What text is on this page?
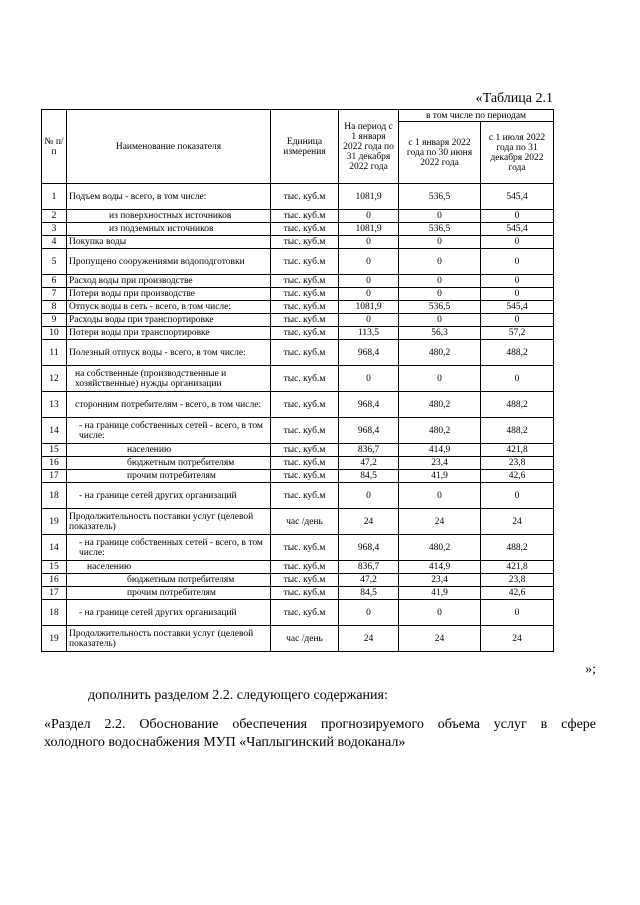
«Таблица 2.1
№ п/п	Наименование показателя	Единица измерения	На период с 1 января 2022 года по 31 декабря 2022 года	в том числе по периодам	
				с 1 января 2022 года по 30 июня 2022 года	с 1 июля 2022 года по 31 декабря 2022 года
1	Подъем воды - всего, в том числе:	тыс. куб.м	1081,9	536,5	545,4
2	из поверхностных источников	тыс. куб.м	0	0	0
3	из подземных источников	тыс. куб.м	1081,9	536,5	545,4
4	Покупка воды	тыс. куб.м	0	0	0
5	Пропущено сооружениями водоподготовки	тыс. куб.м	0	0	0
6	Расход воды при производстве	тыс. куб.м	0	0	0
7	Потери воды при производстве	тыс. куб.м	0	0	0
8	Отпуск воды в сеть - всего, в том числе:	тыс. куб.м	1081,9	536,5	545,4
9	Расходы воды при транспортировке	тыс. куб.м	0	0	0
10	Потери воды при транспортировке	тыс. куб.м	113,5	56,3	57,2
11	Полезный отпуск воды - всего, в том числе:	тыс. куб.м	968,4	480,2	488,2
12	на собственные (производственные и хозяйственные) нужды организации	тыс. куб.м	0	0	0
13	сторонним потребителям - всего, в том числе:	тыс. куб.м	968,4	480,2	488,2
14	- на границе собственных сетей - всего, в том числе:	тыс. куб.м	968,4	480,2	488,2
15	населению	тыс. куб.м	836,7	414,9	421,8
16	бюджетным потребителям	тыс. куб.м	47,2	23,4	23,8
17	прочим потребителям	тыс. куб.м	84,5	41,9	42,6
18	- на границе сетей других организаций	тыс. куб.м	0	0	0
19	Продолжительность поставки услуг (целевой показатель)	час /день	24	24	24
14	- на границе собственных сетей - всего, в том числе:	тыс. куб.м	968,4	480,2	488,2
15	населению	тыс. куб.м	836,7	414,9	421,8
16	бюджетным потребителям	тыс. куб.м	47,2	23,4	23,8
17	прочим потребителям	тыс. куб.м	84,5	41,9	42,6
18	- на границе сетей других организаций	тыс. куб.м	0	0	0
19	Продолжительность поставки услуг (целевой показатель)	час /день	24	24	24
»;
дополнить разделом 2.2. следующего содержания:
«Раздел 2.2. Обоснование обеспечения прогнозируемого объема услуг в сфере
холодного водоснабжения МУП «Чаплыгинский водоканал»
